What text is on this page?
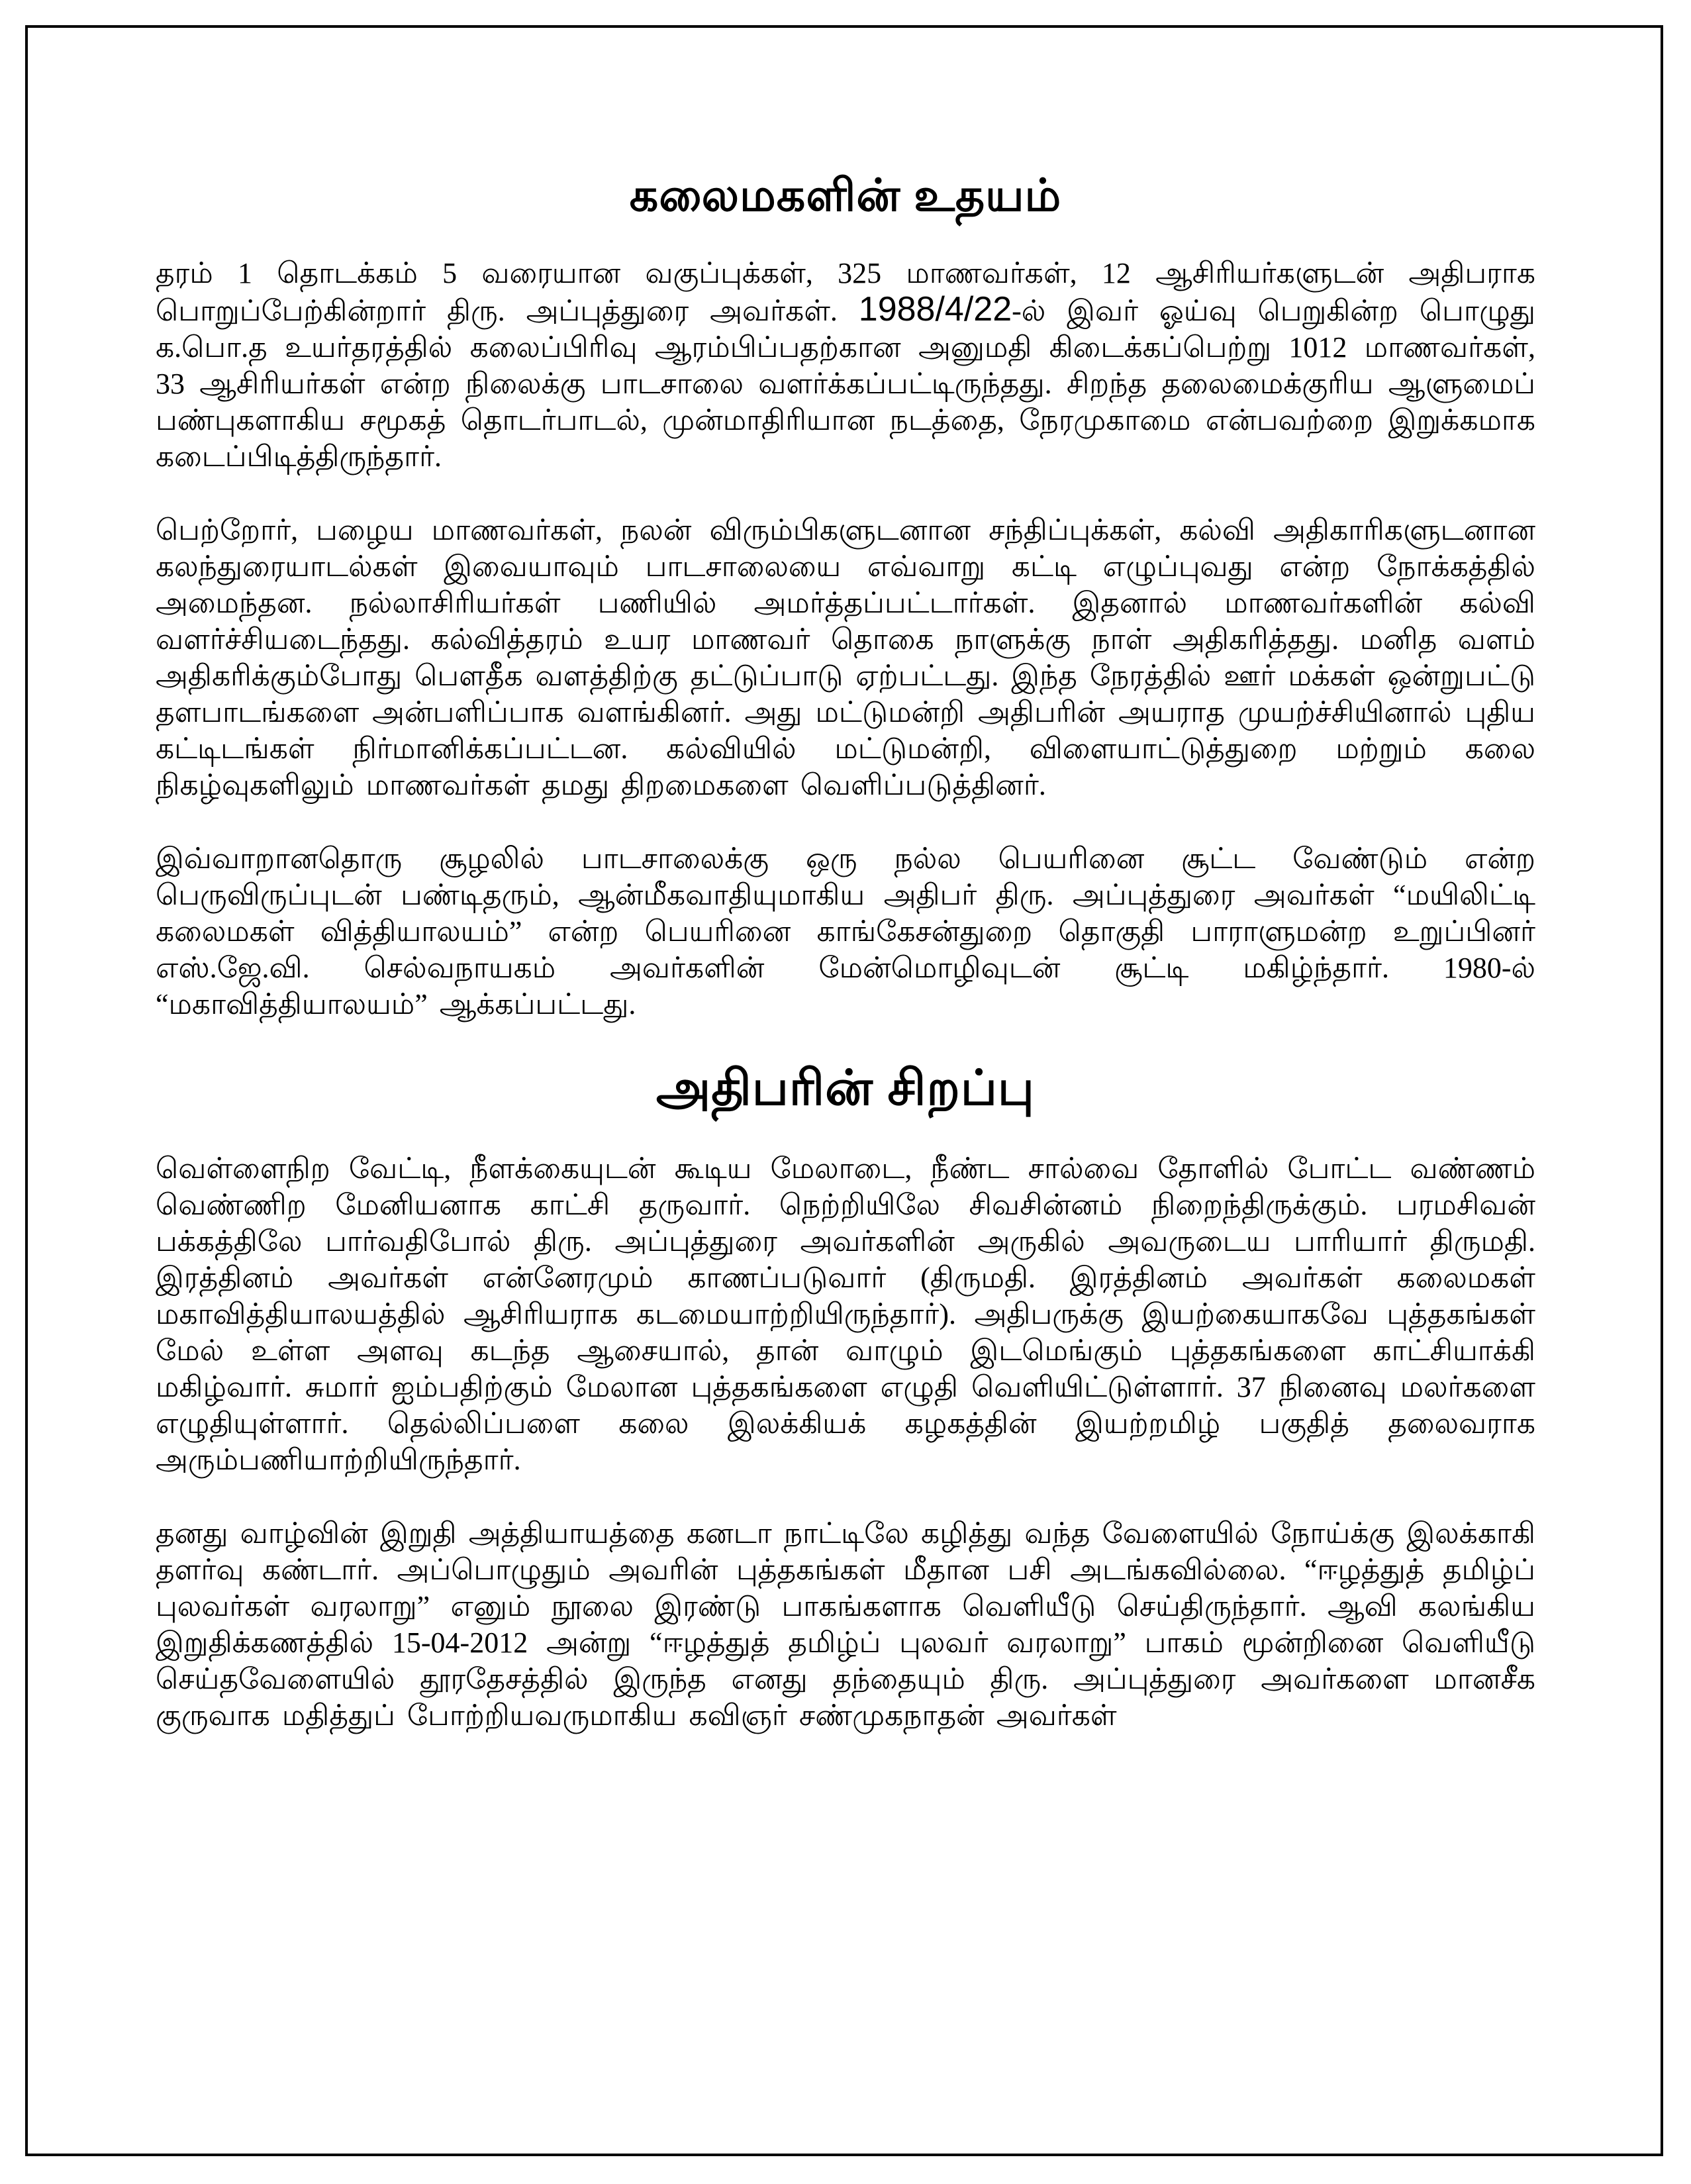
கலைமகளின் உதயம்

தரம் 1 தொடக்கம் 5 வரையான வகுப்புக்கள், 325 மாணவர்கள், 12 ஆசிரியர்களுடன் அதிபராக பொறுப்பேற்கின்றார் திரு. அப்புத்துரை அவர்கள். 1988/4/22-ல் இவர் ஓய்வு பெறுகின்ற பொழுது க.பொ.த உயர்தரத்தில் கலைப்பிரிவு ஆரம்பிப்பதற்கான அனுமதி கிடைக்கப்பெற்று 1012 மாணவர்கள், 33 ஆசிரியர்கள் என்ற நிலைக்கு பாடசாலை வளர்க்கப்பட்டிருந்தது. சிறந்த தலைமைக்குரிய ஆளுமைப் பண்புகளாகிய சமூகத் தொடர்பாடல், முன்மாதிரியான நடத்தை, நேரமுகாமை என்பவற்றை இறுக்கமாக கடைப்பிடித்திருந்தார்.

பெற்றோர், பழைய மாணவர்கள், நலன் விரும்பிகளுடனான சந்திப்புக்கள், கல்வி அதிகாரிகளுடனான கலந்துரையாடல்கள் இவையாவும் பாடசாலையை எவ்வாறு கட்டி எழுப்புவது என்ற நோக்கத்தில் அமைந்தன. நல்லாசிரியர்கள் பணியில் அமர்த்தப்பட்டார்கள். இதனால் மாணவர்களின் கல்வி வளர்ச்சியடைந்தது. கல்வித்தரம் உயர மாணவர் தொகை நாளுக்கு நாள் அதிகரித்தது. மனித வளம் அதிகரிக்கும்போது பௌதீக வளத்திற்கு தட்டுப்பாடு ஏற்பட்டது. இந்த நேரத்தில் ஊர் மக்கள் ஒன்றுபட்டு தளபாடங்களை அன்பளிப்பாக வளங்கினர். அது மட்டுமன்றி அதிபரின் அயராத முயற்ச்சியினால் புதிய கட்டிடங்கள் நிர்மானிக்கப்பட்டன. கல்வியில் மட்டுமன்றி, விளையாட்டுத்துறை மற்றும் கலை நிகழ்வுகளிலும் மாணவர்கள் தமது திறமைகளை வெளிப்படுத்தினர்.

இவ்வாறானதொரு சூழலில் பாடசாலைக்கு ஒரு நல்ல பெயரினை சூட்ட வேண்டும் என்ற பெருவிருப்புடன் பண்டிதரும், ஆன்மீகவாதியுமாகிய அதிபர் திரு. அப்புத்துரை அவர்கள் “மயிலிட்டி கலைமகள் வித்தியாலயம்” என்ற பெயரினை காங்கேசன்துறை தொகுதி பாராளுமன்ற உறுப்பினர் எஸ்.ஜே.வி. செல்வநாயகம் அவர்களின் மேன்மொழிவுடன் சூட்டி மகிழ்ந்தார். 1980-ல் “மகாவித்தியாலயம்” ஆக்கப்பட்டது.

அதிபரின் சிறப்பு

வெள்ளைநிற வேட்டி, நீளக்கையுடன் கூடிய மேலாடை, நீண்ட சால்வை தோளில் போட்ட வண்ணம் வெண்ணிற மேனியனாக காட்சி தருவார். நெற்றியிலே சிவசின்னம் நிறைந்திருக்கும். பரமசிவன் பக்கத்திலே பார்வதிபோல் திரு. அப்புத்துரை அவர்களின் அருகில் அவருடைய பாரியார் திருமதி. இரத்தினம் அவர்கள் என்னேரமும் காணப்படுவார் (திருமதி. இரத்தினம் அவர்கள் கலைமகள் மகாவித்தியாலயத்தில் ஆசிரியராக கடமையாற்றியிருந்தார்). அதிபருக்கு இயற்கையாகவே புத்தகங்கள் மேல் உள்ள அளவு கடந்த ஆசையால், தான் வாழும் இடமெங்கும் புத்தகங்களை காட்சியாக்கி மகிழ்வார். சுமார் ஐம்பதிற்கும் மேலான புத்தகங்களை எழுதி வெளியிட்டுள்ளார். 37 நினைவு மலர்களை எழுதியுள்ளார். தெல்லிப்பளை கலை இலக்கியக் கழகத்தின் இயற்றமிழ் பகுதித் தலைவராக அரும்பணியாற்றியிருந்தார்.

தனது வாழ்வின் இறுதி அத்தியாயத்தை கனடா நாட்டிலே கழித்து வந்த வேளையில் நோய்க்கு இலக்காகி தளர்வு கண்டார். அப்பொழுதும் அவரின் புத்தகங்கள் மீதான பசி அடங்கவில்லை. “ஈழத்துத் தமிழ்ப் புலவர்கள் வரலாறு” எனும் நூலை இரண்டு பாகங்களாக வெளியீடு செய்திருந்தார். ஆவி கலங்கிய இறுதிக்கணத்தில் 15-04-2012 அன்று “ஈழத்துத் தமிழ்ப் புலவர் வரலாறு” பாகம் மூன்றினை வெளியீடு செய்தவேளையில் தூரதேசத்தில் இருந்த எனது தந்தையும் திரு. அப்புத்துரை அவர்களை மானசீக குருவாக மதித்துப் போற்றியவருமாகிய கவிஞர் சண்முகநாதன் அவர்கள்
